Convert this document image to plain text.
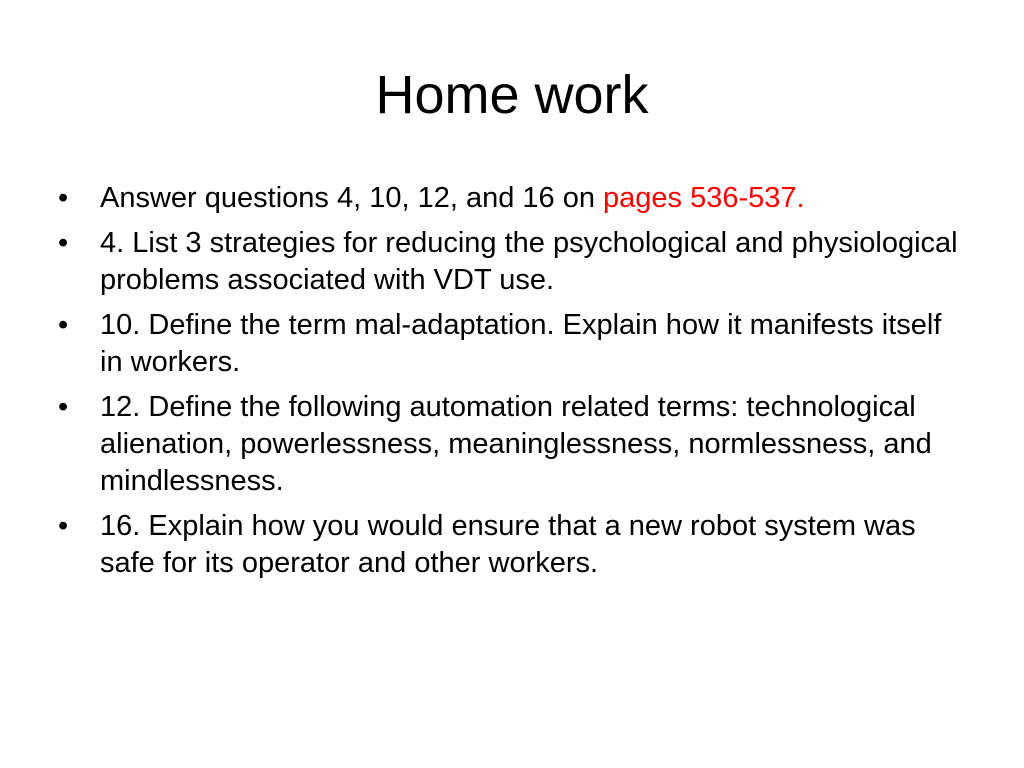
Home work
•	Answer questions 4, 10, 12, and 16 on pages 536-537.
•	4. List 3 strategies for reducing the psychological and physiological problems associated with VDT use.
•	10. Define the term mal-adaptation. Explain how it manifests itself in workers.
•	12. Define the following automation related terms: technological alienation, powerlessness, meaninglessness, normlessness, and mindlessness.
•	16. Explain how you would ensure that a new robot system was safe for its operator and other workers.
